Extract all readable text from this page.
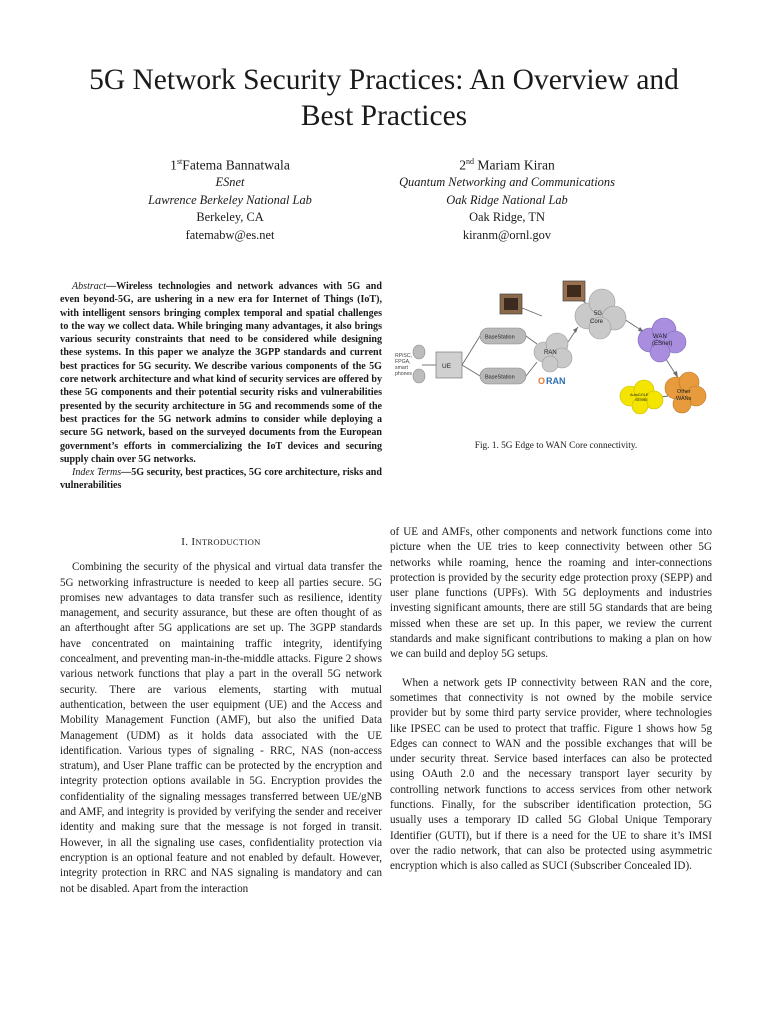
5G Network Security Practices: An Overview and
Best Practices
1stFatema Bannatwala
ESnet
Lawrence Berkeley National Lab
Berkeley, CA
fatemabw@es.net
2nd Mariam Kiran
Quantum Networking and Communications
Oak Ridge National Lab
Oak Ridge, TN
kiranm@ornl.gov

Abstract—Wireless technologies and network advances with 5G and even beyond-5G, are ushering in a new era for Internet of Things (IoT), with intelligent sensors bringing complex temporal and spatial challenges to the way we collect data. While bringing many advantages, it also brings various security constraints that need to be considered while designing these systems. In this paper we analyze the 3GPP standards and current best practices for 5G security. We describe various components of the 5G core network architecture and what kind of security services are offered by these 5G components and their potential security risks and vulnerabilities presented by the security architecture in 5G and recommends some of the best practices for the 5G network admins to consider while deploying a secure 5G network, based on the surveyed documents from the European government’s efforts in commercializing the IoT devices and securing supply chain over 5G networks.

Index Terms—5G security, best practices, 5G core architecture, risks and vulnerabilities

I. INTRODUCTION

Combining the security of the physical and virtual data transfer the 5G networking infrastructure is needed to keep all parties secure. 5G promises new advantages to data transfer such as resilience, identity management, and security assurance, but these are often thought of as an afterthought after 5G applications are set up. The 3GPP standards have concentrated on maintaining traffic integrity, identifying concealment, and preventing man-in-the-middle attacks. Figure 2 shows various network functions that play a part in the overall 5G network security. There are various elements, starting with mutual authentication, between the user equipment (UE) and the Access and Mobility Management Function (AMF), but also the unified Data Management (UDM) as it holds data associated with the UE identification. Various types of signaling - RRC, NAS (non-access stratum), and User Plane traffic can be protected by the encryption and integrity protection options available in 5G. Encryption provides the confidentiality of the signaling messages transferred between UE/gNB and AMF, and integrity is provided by verifying the sender and receiver identity and making sure that the message is not forged in transit. However, in all the signaling use cases, confidentiality protection via encryption is an optional feature and not enabled by default. However, integrity protection in RRC and NAS signaling is mandatory and can not be disabled. Apart from the interaction

RPiSC, FPGA, smart phones
UE
BaseStation
BaseStation
RAN
O RAN
5G Core
WAN (ESnet)
AutoGOLE SENSE
Other WANs
Fig. 1. 5G Edge to WAN Core connectivity.

of UE and AMFs, other components and network functions come into picture when the UE tries to keep connectivity between other 5G networks while roaming, hence the roaming and inter-connections protection is provided by the security edge protection proxy (SEPP) and user plane functions (UPFs). With 5G deployments and industries investing significant amounts, there are still 5G standards that are being missed when these are set up. In this paper, we review the current standards and make significant contributions to making a plan on how we can build and deploy 5G setups.

When a network gets IP connectivity between RAN and the core, sometimes that connectivity is not owned by the mobile service provider but by some third party service provider, where technologies like IPSEC can be used to protect that traffic. Figure 1 shows how 5g Edges can connect to WAN and the possible exchanges that will be under security threat. Service based interfaces can also be protected using OAuth 2.0 and the necessary transport layer security by controlling network functions to access services from other network functions. Finally, for the subscriber identification protection, 5G usually uses a temporary ID called 5G Global Unique Temporary Identifier (GUTI), but if there is a need for the UE to share it’s IMSI over the radio network, that can also be protected using asymmetric encryption which is also called as SUCI (Subscriber Concealed ID).
